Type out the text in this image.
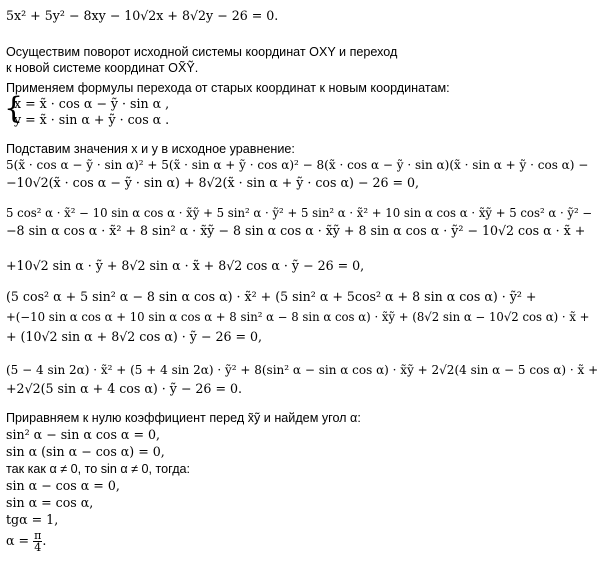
5x² + 5y² − 8xy − 10√2x + 8√2y − 26 = 0.
Осуществим поворот исходной системы координат OXY и переход
к новой системе координат OX̃Ỹ.
Применяем формулы перехода от старых координат к новым координатам:
{
x = x̃ · cos α − ỹ · sin α ,
y = x̃ · sin α + ỹ · cos α .
Подставим значения x и y в исходное уравнение:
5(x̃ · cos α − ỹ · sin α)² + 5(x̃ · sin α + ỹ · cos α)² − 8(x̃ · cos α − ỹ · sin α)(x̃ · sin α + ỹ · cos α) −
−10√2(x̃ · cos α − ỹ · sin α) + 8√2(x̃ · sin α + ỹ · cos α) − 26 = 0,
5 cos² α · x̃² − 10 sin α cos α · x̃ỹ + 5 sin² α · ỹ² + 5 sin² α · x̃² + 10 sin α cos α · x̃ỹ + 5 cos² α · ỹ² −
−8 sin α cos α · x̃² + 8 sin² α · x̃ỹ − 8 sin α cos α · x̃ỹ + 8 sin α cos α · ỹ² − 10√2 cos α · x̃ +
+10√2 sin α · ỹ + 8√2 sin α · x̃ + 8√2 cos α · ỹ − 26 = 0,
(5 cos² α + 5 sin² α − 8 sin α cos α) · x̃² + (5 sin² α + 5cos² α + 8 sin α cos α) · ỹ² +
+(−10 sin α cos α + 10 sin α cos α + 8 sin² α − 8 sin α cos α) · x̃ỹ + (8√2 sin α − 10√2 cos α) · x̃ +
+ (10√2 sin α + 8√2 cos α) · ỹ − 26 = 0,
(5 − 4 sin 2α) · x̃² + (5 + 4 sin 2α) · ỹ² + 8(sin² α − sin α cos α) · x̃ỹ + 2√2(4 sin α − 5 cos α) · x̃ +
+2√2(5 sin α + 4 cos α) · ỹ − 26 = 0.
Приравняем к нулю коэффициент перед x̃ỹ и найдем угол α:
sin² α − sin α cos α = 0,
sin α (sin α − cos α) = 0,
так как α ≠ 0, то sin α ≠ 0, тогда:
sin α − cos α = 0,
sin α = cos α,
tgα = 1,
$\alpha = \frac{\pi}{4}$ .
